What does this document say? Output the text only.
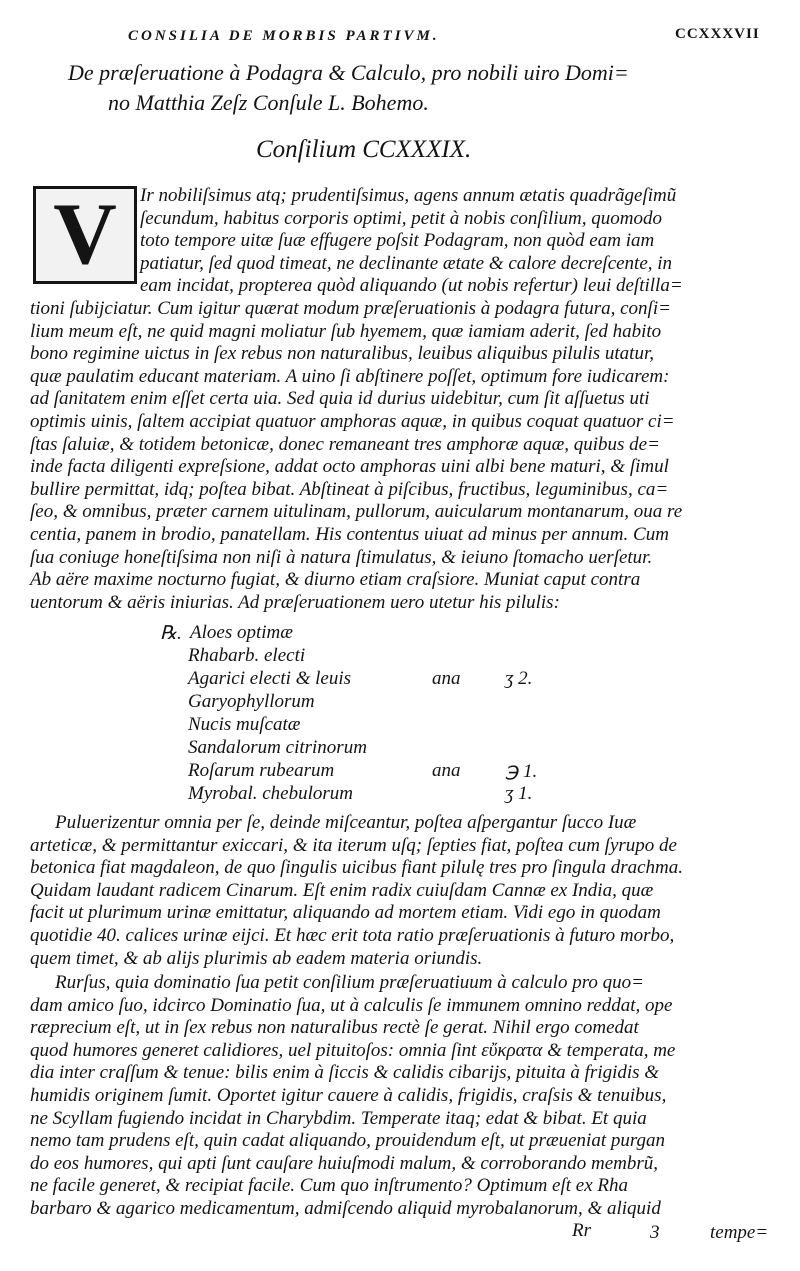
CONSILIA DE MORBIS PARTIVM.	CCXXXVII
De præſeruatione à Podagra & Calculo, pro nobili uiro Domi=
no Matthia Zeſz Conſule L. Bohemo.
Conſilium CCXXXIX.
V	Ir nobiliſsimus atq; prudentiſsimus, agens annum ætatis quadrãgeſimũ
ſecundum, habitus corporis optimi, petit à nobis conſilium, quomodo
toto tempore uitæ ſuæ effugere poſsit Podagram, non quòd eam iam
patiatur, ſed quod timeat, ne declinante ætate & calore decreſcente, in
eam incidat, propterea quòd aliquando (ut nobis refertur) leui deſtilla=
tioni ſubijciatur. Cum igitur quærat modum præſeruationis à podagra futura, conſi=
lium meum eſt, ne quid magni moliatur ſub hyemem, quæ iamiam aderit, ſed habito
bono regimine uictus in ſex rebus non naturalibus, leuibus aliquibus pilulis utatur,
quæ paulatim educant materiam. A uino ſi abſtinere poſſet, optimum fore iudicarem:
ad ſanitatem enim eſſet certa uia. Sed quia id durius uidebitur, cum ſit aſſuetus uti
optimis uinis, ſaltem accipiat quatuor amphoras aquæ, in quibus coquat quatuor ci=
ſtas ſaluiæ, & totidem betonicæ, donec remaneant tres amphoræ aquæ, quibus de=
inde facta diligenti expreſsione, addat octo amphoras uini albi bene maturi, & ſimul
bullire permittat, idq; poſtea bibat. Abſtineat à piſcibus, fructibus, leguminibus, ca=
ſeo, & omnibus, præter carnem uitulinam, pullorum, auicularum montanarum, oua re
centia, panem in brodio, panatellam. His contentus uiuat ad minus per annum. Cum
ſua coniuge honeſtiſsima non niſi à natura ſtimulatus, & ieiuno ſtomacho uerſetur.
Ab aëre maxime nocturno fugiat, & diurno etiam craſsiore. Muniat caput contra
uentorum & aëris iniurias. Ad præſeruationem uero utetur his pilulis:
℞. Aloes optimæ
Rhabarb. electi
Agarici electi & leuis	ana ʒ 2.
Garyophyllorum
Nucis muſcatæ
Sandalorum citrinorum
Roſarum rubearum	ana ℈ 1.
Myrobal. chebulorum	ʒ 1.
Puluerizentur omnia per ſe, deinde miſceantur, poſtea aſpergantur ſucco Iuæ
arteticæ, & permittantur exiccari, & ita iterum uſq; ſepties fiat, poſtea cum ſyrupo de
betonica fiat magdaleon, de quo ſingulis uicibus fiant pilulę tres pro ſingula drachma.
Quidam laudant radicem Cinarum. Eſt enim radix cuiuſdam Cannæ ex India, quæ
facit ut plurimum urinæ emittatur, aliquando ad mortem etiam. Vidi ego in quodam
quotidie 40. calices urinæ eijci. Et hæc erit tota ratio præſeruationis à futuro morbo,
quem timet, & ab alijs plurimis ab eadem materia oriundis.
Rurſus, quia dominatio ſua petit conſilium præſeruatiuum à calculo pro quo=
dam amico ſuo, idcirco Dominatio ſua, ut à calculis ſe immunem omnino reddat, ope
ræprecium eſt, ut in ſex rebus non naturalibus rectè ſe gerat. Nihil ergo comedat
quod humores generet calidiores, uel pituitoſos: omnia ſint εὔκρατα & temperata, me
dia inter craſſum & tenue: bilis enim à ſiccis & calidis cibarijs, pituita à frigidis &
humidis originem ſumit. Oportet igitur cauere à calidis, frigidis, craſsis & tenuibus,
ne Scyllam fugiendo incidat in Charybdim. Temperate itaq; edat & bibat. Et quia
nemo tam prudens eſt, quin cadat aliquando, prouidendum eſt, ut præueniat purgan
do eos humores, qui apti ſunt cauſare huiuſmodi malum, & corroborando membrũ,
ne facile generet, & recipiat facile. Cum quo inſtrumento? Optimum eſt ex Rha
barbaro & agarico medicamentum, admiſcendo aliquid myrobalanorum, & aliquid
Rr	3	tempe=
